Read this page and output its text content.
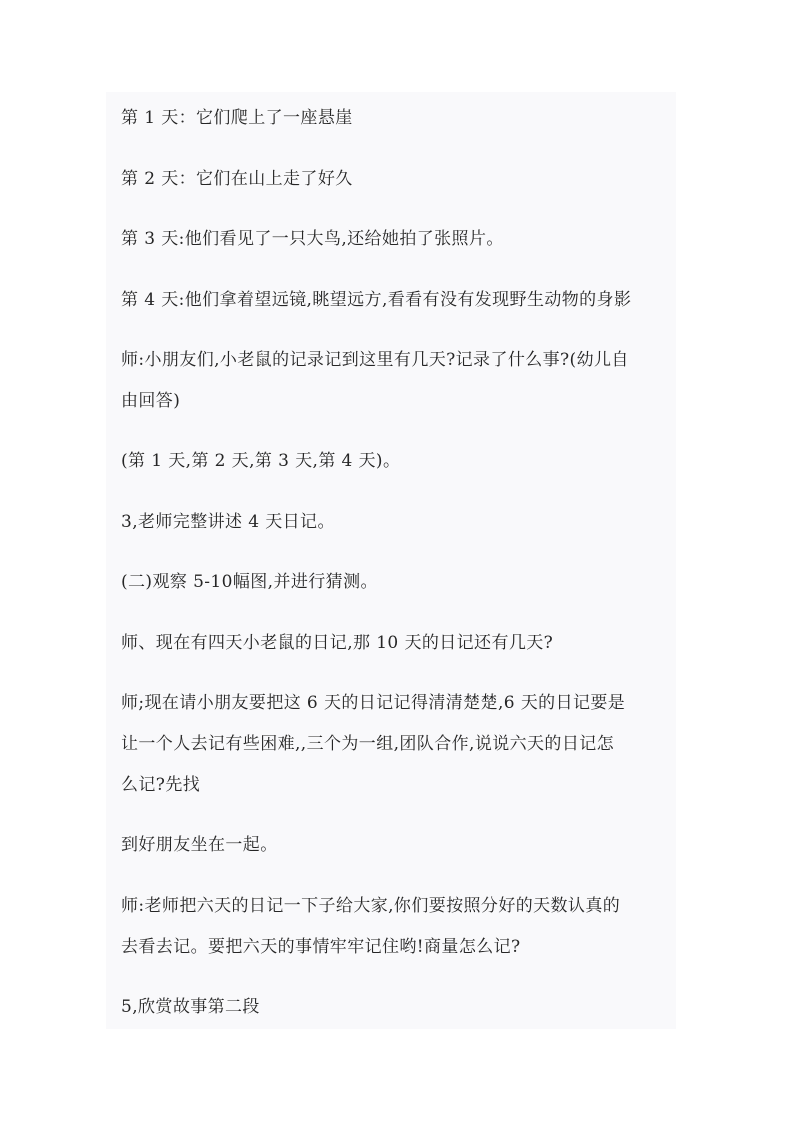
第 1 天：它们爬上了一座悬崖
第 2 天：它们在山上走了好久
第 3 天:他们看见了一只大鸟,还给她拍了张照片。
第 4 天:他们拿着望远镜,眺望远方,看看有没有发现野生动物的身影
师:小朋友们,小老鼠的记录记到这里有几天?记录了什么事?(幼儿自
由回答)
(第 1 天,第 2 天,第 3 天,第 4 天)。
3,老师完整讲述 4 天日记。
(二)观察 5-10幅图,并进行猜测。
师、现在有四天小老鼠的日记,那 10 天的日记还有几天?
师;现在请小朋友要把这 6 天的日记记得清清楚楚,6 天的日记要是
让一个人去记有些困难,,三个为一组,团队合作,说说六天的日记怎
么记?先找
到好朋友坐在一起。
师:老师把六天的日记一下子给大家,你们要按照分好的天数认真的
去看去记。要把六天的事情牢牢记住哟!商量怎么记?
5,欣赏故事第二段
